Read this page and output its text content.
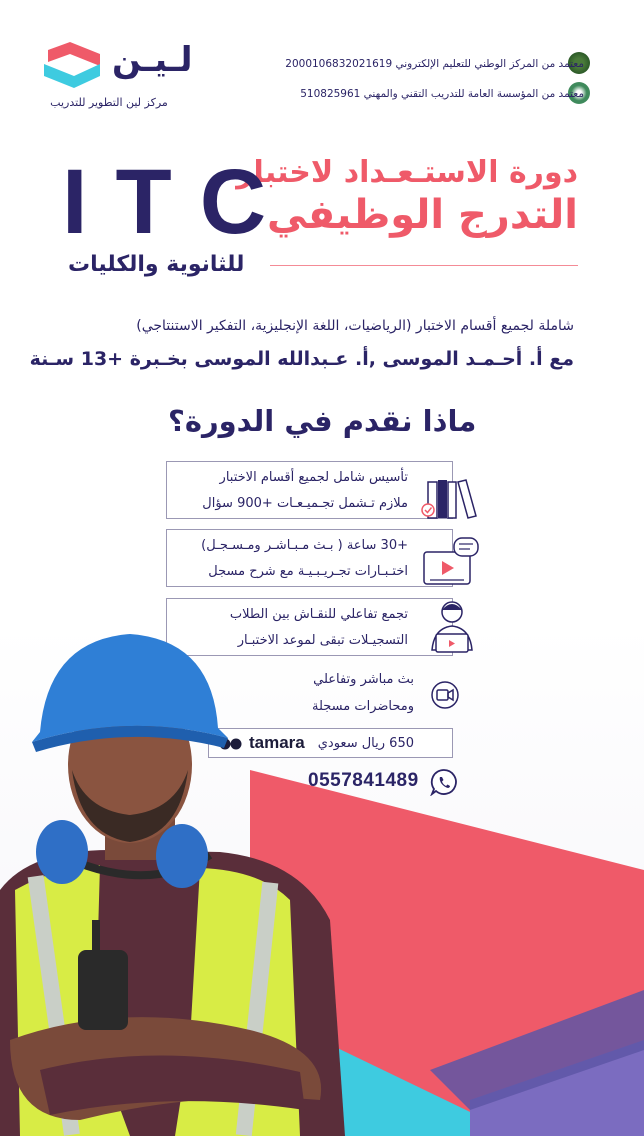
لـيـن
مركز لين التطوير للتدريب
معتمد من المركز الوطني للتعليم الإلكتروني 2000106832021619
معتمد من المؤسسة العامة للتدريب التقني والمهني 510825961
دورة الاستـعـداد لاختبار
التدرج الوظيفي
ITC
للثانوية والكليات
شاملة لجميع أقسام الاختبار (الرياضيات، اللغة الإنجليزية، التفكير الاستنتاجي)
مع أ. أحـمـد الموسى ,أ. عـبدالله الموسى بخـبرة +13 سـنة
ماذا نقدم في الدورة؟
تأسيس شامل لجميع أقسام الاختبار
ملازم تـشمل تجـميـعـات +900 سؤال
+30 ساعة ( بـث مـبـاشـر ومـسـجـل)
اختـبـارات تجـريـبـيـة مع شرح مسجل
تجمع تفاعلي للنقـاش بين الطلاب
التسجيـلات تبقى لموعد الاختبـار
بث مباشر وتفاعلي
ومحاضرات مسجلة
tamara 650 ريال سعودي
0557841489
